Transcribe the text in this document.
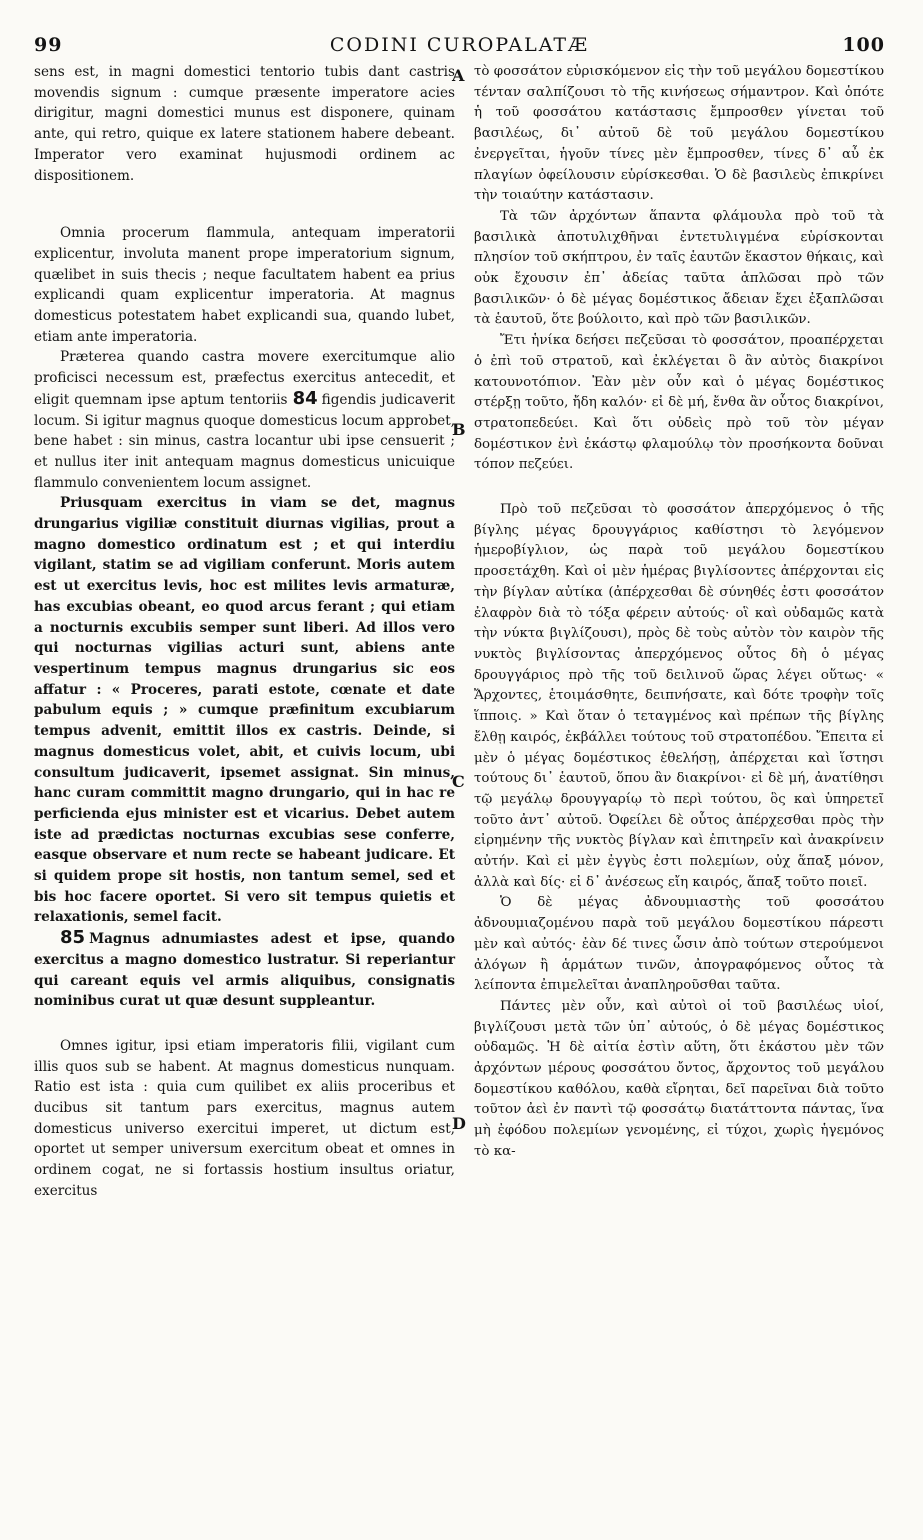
99	CODINI CUROPALATÆ	100
A
B
C
D

sens est, in magni domestici tentorio tubis dant castris movendis signum : cumque præsente imperatore acies dirigitur, magni domestici munus est disponere, quinam ante, qui retro, quique ex latere stationem habere debeant. Imperator vero examinat hujusmodi ordinem ac dispositionem.

Omnia procerum flammula, antequam imperatorii explicentur, involuta manent prope imperatorium signum, quælibet in suis thecis ; neque facultatem habent ea prius explicandi quam explicentur imperatoria. At magnus domesticus potestatem habet explicandi sua, quando lubet, etiam ante imperatoria.

Præterea quando castra movere exercitumque alio proficisci necessum est, præfectus exercitus antecedit, et eligit quemnam ipse aptum tentoriis 84 figendis judicaverit locum. Si igitur magnus quoque domesticus locum approbet, bene habet : sin minus, castra locantur ubi ipse censuerit ; et nullus iter init antequam magnus domesticus unicuique flammulo convenientem locum assignet.

Priusquam exercitus in viam se det, magnus drungarius vigiliæ constituit diurnas vigilias, prout a magno domestico ordinatum est ; et qui interdiu vigilant, statim se ad vigiliam conferunt. Moris autem est ut exercitus levis, hoc est milites levis armaturæ, has excubias obeant, eo quod arcus ferant ; qui etiam a nocturnis excubiis semper sunt liberi. Ad illos vero qui nocturnas vigilias acturi sunt, abiens ante vespertinum tempus magnus drungarius sic eos affatur : « Proceres, parati estote, cœnate et date pabulum equis ; » cumque præfinitum excubiarum tempus advenit, emittit illos ex castris. Deinde, si magnus domesticus volet, abit, et cuivis locum, ubi consultum judicaverit, ipsemet assignat. Sin minus, hanc curam committit magno drungario, qui in hac re perficienda ejus minister est et vicarius. Debet autem iste ad prædictas nocturnas excubias sese conferre, easque observare et num recte se habeant judicare. Et si quidem prope sit hostis, non tantum semel, sed et bis hoc facere oportet. Si vero sit tempus quietis et relaxationis, semel facit.

85 Magnus adnumiastes adest et ipse, quando exercitus a magno domestico lustratur. Si reperiantur qui careant equis vel armis aliquibus, consignatis nominibus curat ut quæ desunt suppleantur.

Omnes igitur, ipsi etiam imperatoris filii, vigilant cum illis quos sub se habent. At magnus domesticus nunquam. Ratio est ista : quia cum quilibet ex aliis proceribus et ducibus sit tantum pars exercitus, magnus autem domesticus universo exercitui imperet, ut dictum est, oportet ut semper universum exercitum obeat et omnes in ordinem cogat, ne si fortassis hostium insultus oriatur, exercitus

τὸ φοσσάτον εὑρισκόμενον εἰς τὴν τοῦ μεγάλου δομεστίκου τένταν σαλπίζουσι τὸ τῆς κινήσεως σήμαντρον. Καὶ ὁπότε ἡ τοῦ φοσσάτου κατάστασις ἔμπροσθεν γίνεται τοῦ βασιλέως, δι᾽ αὐτοῦ δὲ τοῦ μεγάλου δομεστίκου ἐνεργεῖται, ἡγοῦν τίνες μὲν ἔμπροσθεν, τίνες δ᾽ αὖ ἐκ πλαγίων ὀφείλουσιν εὑρίσκεσθαι. Ὁ δὲ βασιλεὺς ἐπικρίνει τὴν τοιαύτην κατάστασιν.

Τὰ τῶν ἀρχόντων ἅπαντα φλάμουλα πρὸ τοῦ τὰ βασιλικὰ ἀποτυλιχθῆναι ἐντετυλιγμένα εὑρίσκονται πλησίον τοῦ σκήπτρου, ἐν ταῖς ἑαυτῶν ἕκαστον θήκαις, καὶ οὐκ ἔχουσιν ἐπ᾽ ἀδείας ταῦτα ἁπλῶσαι πρὸ τῶν βασιλικῶν· ὁ δὲ μέγας δομέστικος ἄδειαν ἔχει ἐξαπλῶσαι τὰ ἑαυτοῦ, ὅτε βούλοιτο, καὶ πρὸ τῶν βασιλικῶν.

Ἔτι ἡνίκα δεήσει πεζεῦσαι τὸ φοσσάτον, προαπέρχεται ὁ ἐπὶ τοῦ στρατοῦ, καὶ ἐκλέγεται ὃ ἂν αὐτὸς διακρίνοι κατουνοτόπιον. Ἐὰν μὲν οὖν καὶ ὁ μέγας δομέστικος στέρξῃ τοῦτο, ἤδη καλόν· εἰ δὲ μή, ἔνθα ἂν οὗτος διακρίνοι, στρατοπεδεύει. Καὶ ὅτι οὐδεὶς πρὸ τοῦ τὸν μέγαν δομέστικον ἐνὶ ἑκάστῳ φλαμούλῳ τὸν προσήκοντα δοῦναι τόπον πεζεύει.

Πρὸ τοῦ πεζεῦσαι τὸ φοσσάτον ἀπερχόμενος ὁ τῆς βίγλης μέγας δρουγγάριος καθίστησι τὸ λεγόμενον ἡμεροβίγλιον, ὡς παρὰ τοῦ μεγάλου δομεστίκου προσετάχθη. Καὶ οἱ μὲν ἡμέρας βιγλίσοντες ἀπέρχονται εἰς τὴν βίγλαν αὐτίκα (ἀπέρχεσθαι δὲ σύνηθές ἐστι φοσσάτον ἐλαφρὸν διὰ τὸ τόξα φέρειν αὐτούς· οἳ καὶ οὐδαμῶς κατὰ τὴν νύκτα βιγλίζουσι), πρὸς δὲ τοὺς αὐτὸν τὸν καιρὸν τῆς νυκτὸς βιγλίσοντας ἀπερχόμενος οὗτος δὴ ὁ μέγας δρουγγάριος πρὸ τῆς τοῦ δειλινοῦ ὥρας λέγει οὕτως· « Ἄρχοντες, ἑτοιμάσθητε, δειπνήσατε, καὶ δότε τροφὴν τοῖς ἵπποις. » Καὶ ὅταν ὁ τεταγμένος καὶ πρέπων τῆς βίγλης ἔλθῃ καιρός, ἐκβάλλει τούτους τοῦ στρατοπέδου. Ἔπειτα εἰ μὲν ὁ μέγας δομέστικος ἐθελήσῃ, ἀπέρχεται καὶ ἵστησι τούτους δι᾽ ἑαυτοῦ, ὅπου ἂν διακρίνοι· εἰ δὲ μή, ἀνατίθησι τῷ μεγάλῳ δρουγγαρίῳ τὸ περὶ τούτου, ὃς καὶ ὑπηρετεῖ τοῦτο ἀντ᾽ αὐτοῦ. Ὀφείλει δὲ οὗτος ἀπέρχεσθαι πρὸς τὴν εἰρημένην τῆς νυκτὸς βίγλαν καὶ ἐπιτηρεῖν καὶ ἀνακρίνειν αὐτήν. Καὶ εἰ μὲν ἐγγὺς ἐστι πολεμίων, οὐχ ἅπαξ μόνον, ἀλλὰ καὶ δίς· εἰ δ᾽ ἀνέσεως εἴη καιρός, ἅπαξ τοῦτο ποιεῖ.

Ὁ δὲ μέγας ἀδνουμιαστὴς τοῦ φοσσάτου ἀδνουμιαζομένου παρὰ τοῦ μεγάλου δομεστίκου πάρεστι μὲν καὶ αὐτός· ἐὰν δέ τινες ὦσιν ἀπὸ τούτων στερούμενοι ἀλόγων ἢ ἁρμάτων τινῶν, ἀπογραφόμενος οὗτος τὰ λείποντα ἐπιμελεῖται ἀναπληροῦσθαι ταῦτα.

Πάντες μὲν οὖν, καὶ αὐτοὶ οἱ τοῦ βασιλέως υἱοί, βιγλίζουσι μετὰ τῶν ὑπ᾽ αὐτούς, ὁ δὲ μέγας δομέστικος οὐδαμῶς. Ἡ δὲ αἰτία ἐστὶν αὕτη, ὅτι ἑκάστου μὲν τῶν ἀρχόντων μέρους φοσσάτου ὄντος, ἄρχοντος τοῦ μεγάλου δομεστίκου καθόλου, καθὰ εἴρηται, δεῖ παρεῖναι διὰ τοῦτο τοῦτον ἀεὶ ἐν παντὶ τῷ φοσσάτῳ διατάττοντα πάντας, ἵνα μὴ ἐφόδου πολεμίων γενομένης, εἰ τύχοι, χωρὶς ἡγεμόνος τὸ κα-
